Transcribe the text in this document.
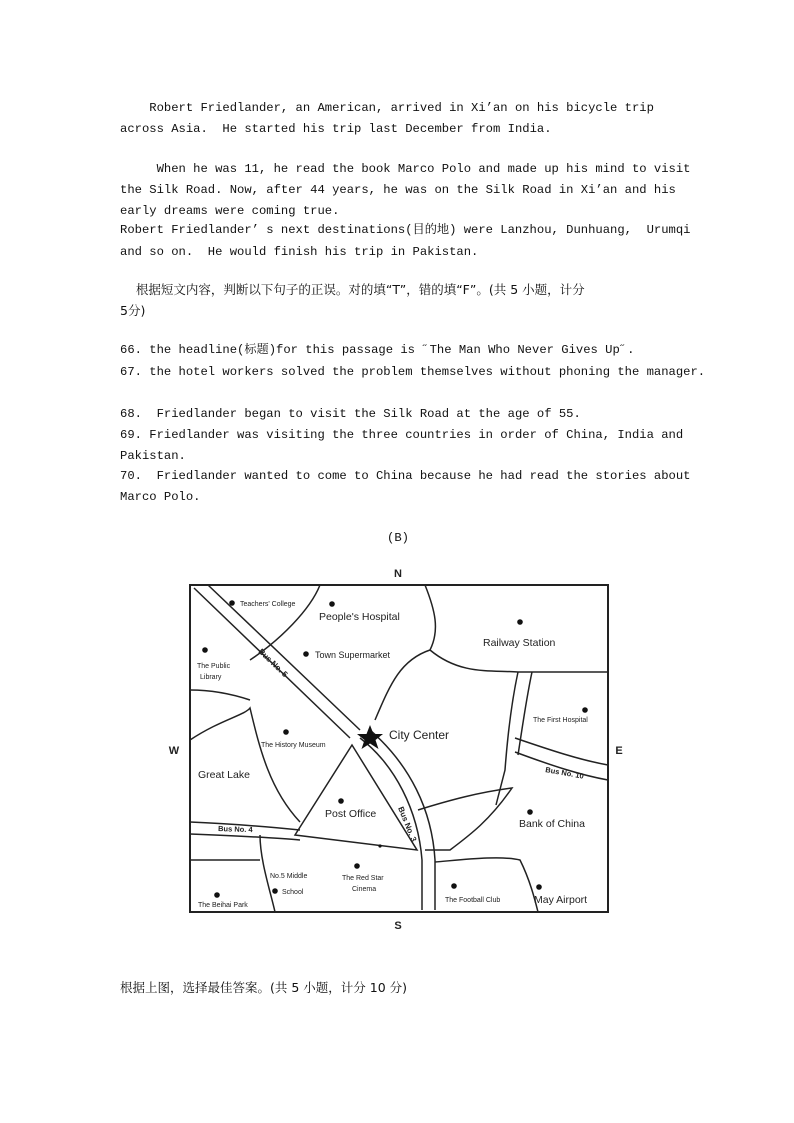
Robert Friedlander, an American, arrived in Xi’an on his bicycle trip
across Asia.  He started his trip last December from India.
When he was 11, he read the book Marco Polo and made up his mind to visit
the Silk Road. Now, after 44 years, he was on the Silk Road in Xi’an and his
early dreams were coming true.
Robert Friedlander’ s next destinations(目的地) were Lanzhou, Dunhuang,  Urumqi
and so on.  He would finish his trip in Pakistan.
根据短文内容，判断以下句子的正误。对的填“T”，错的填“F”。(共 5 小题，计分
5分)
66. the headline(标题)for this passage is ˝The Man Who Never Gives Up˝.
67. the hotel workers solved the problem themselves without phoning the manager.
68.  Friedlander began to visit the Silk Road at the age of 55.
69. Friedlander was visiting the three countries in order of China, India and
Pakistan.
70.  Friedlander wanted to come to China because he had read the stories about
Marco Polo.
(B)
N
S
W	E
Teachers' College
People's Hospital
Railway Station
The Public
Library
Town Supermarket
The First Hospital
The History Museum
City Center
Great Lake
Post Office
Bank of China
No.5 Middle
School
The Red Star
Cinema
The Football Club	May Airport
The Beihai Park
Bus No. 5
Bus No. 3
Bus No. 4
Bus No. 10
根据上图，选择最佳答案。(共 5 小题，计分 10 分)
